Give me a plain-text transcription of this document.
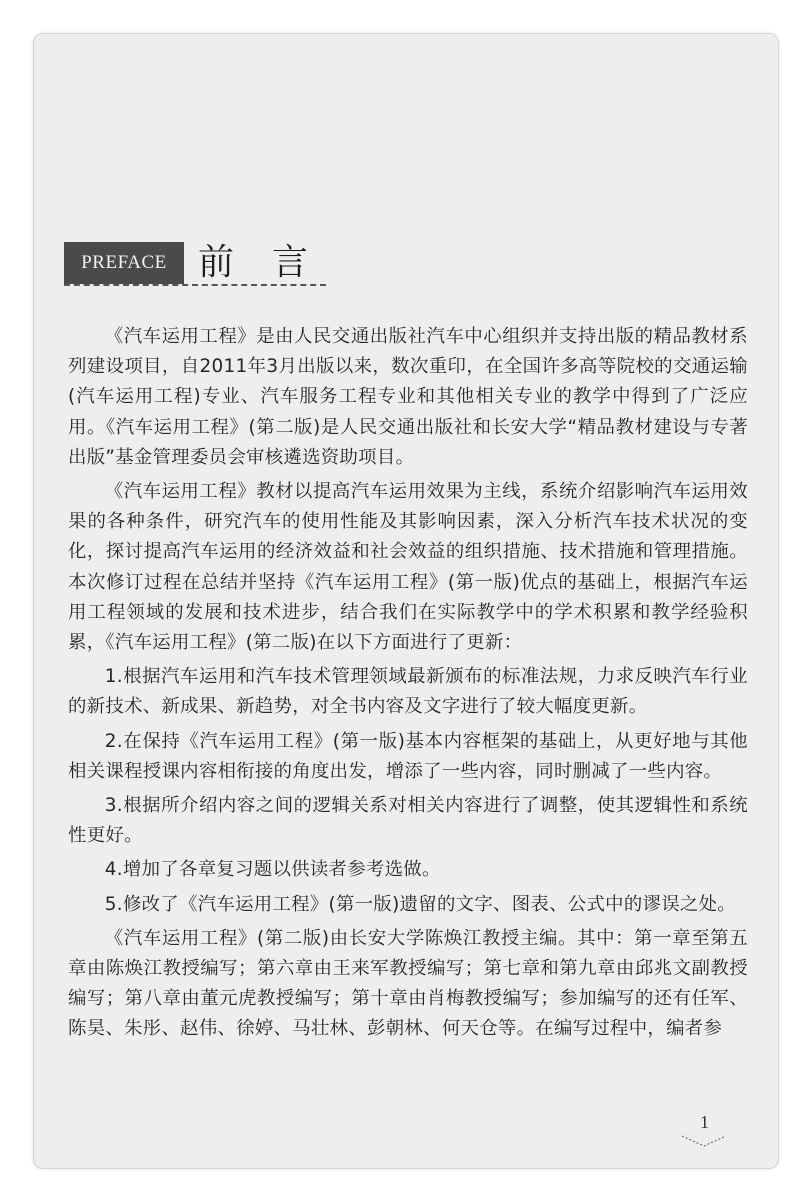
PREFACE 前言

《汽车运用工程》是由人民交通出版社汽车中心组织并支持出版的精品教材系列建设项目，自2011年3月出版以来，数次重印，在全国许多高等院校的交通运输(汽车运用工程)专业、汽车服务工程专业和其他相关专业的教学中得到了广泛应用。《汽车运用工程》(第二版)是人民交通出版社和长安大学“精品教材建设与专著出版”基金管理委员会审核遴选资助项目。

《汽车运用工程》教材以提高汽车运用效果为主线，系统介绍影响汽车运用效果的各种条件，研究汽车的使用性能及其影响因素，深入分析汽车技术状况的变化，探讨提高汽车运用的经济效益和社会效益的组织措施、技术措施和管理措施。本次修订过程在总结并坚持《汽车运用工程》(第一版)优点的基础上，根据汽车运用工程领域的发展和技术进步，结合我们在实际教学中的学术积累和教学经验积累，《汽车运用工程》(第二版)在以下方面进行了更新：

1.根据汽车运用和汽车技术管理领域最新颁布的标准法规，力求反映汽车行业的新技术、新成果、新趋势，对全书内容及文字进行了较大幅度更新。

2.在保持《汽车运用工程》(第一版)基本内容框架的基础上，从更好地与其他相关课程授课内容相衔接的角度出发，增添了一些内容，同时删减了一些内容。

3.根据所介绍内容之间的逻辑关系对相关内容进行了调整，使其逻辑性和系统性更好。

4.增加了各章复习题以供读者参考选做。

5.修改了《汽车运用工程》(第一版)遗留的文字、图表、公式中的谬误之处。

《汽车运用工程》(第二版)由长安大学陈焕江教授主编。其中：第一章至第五章由陈焕江教授编写；第六章由王来军教授编写；第七章和第九章由邱兆文副教授编写；第八章由董元虎教授编写；第十章由肖梅教授编写；参加编写的还有任军、陈昊、朱彤、赵伟、徐婷、马壮林、彭朝林、何天仓等。在编写过程中，编者参

1
